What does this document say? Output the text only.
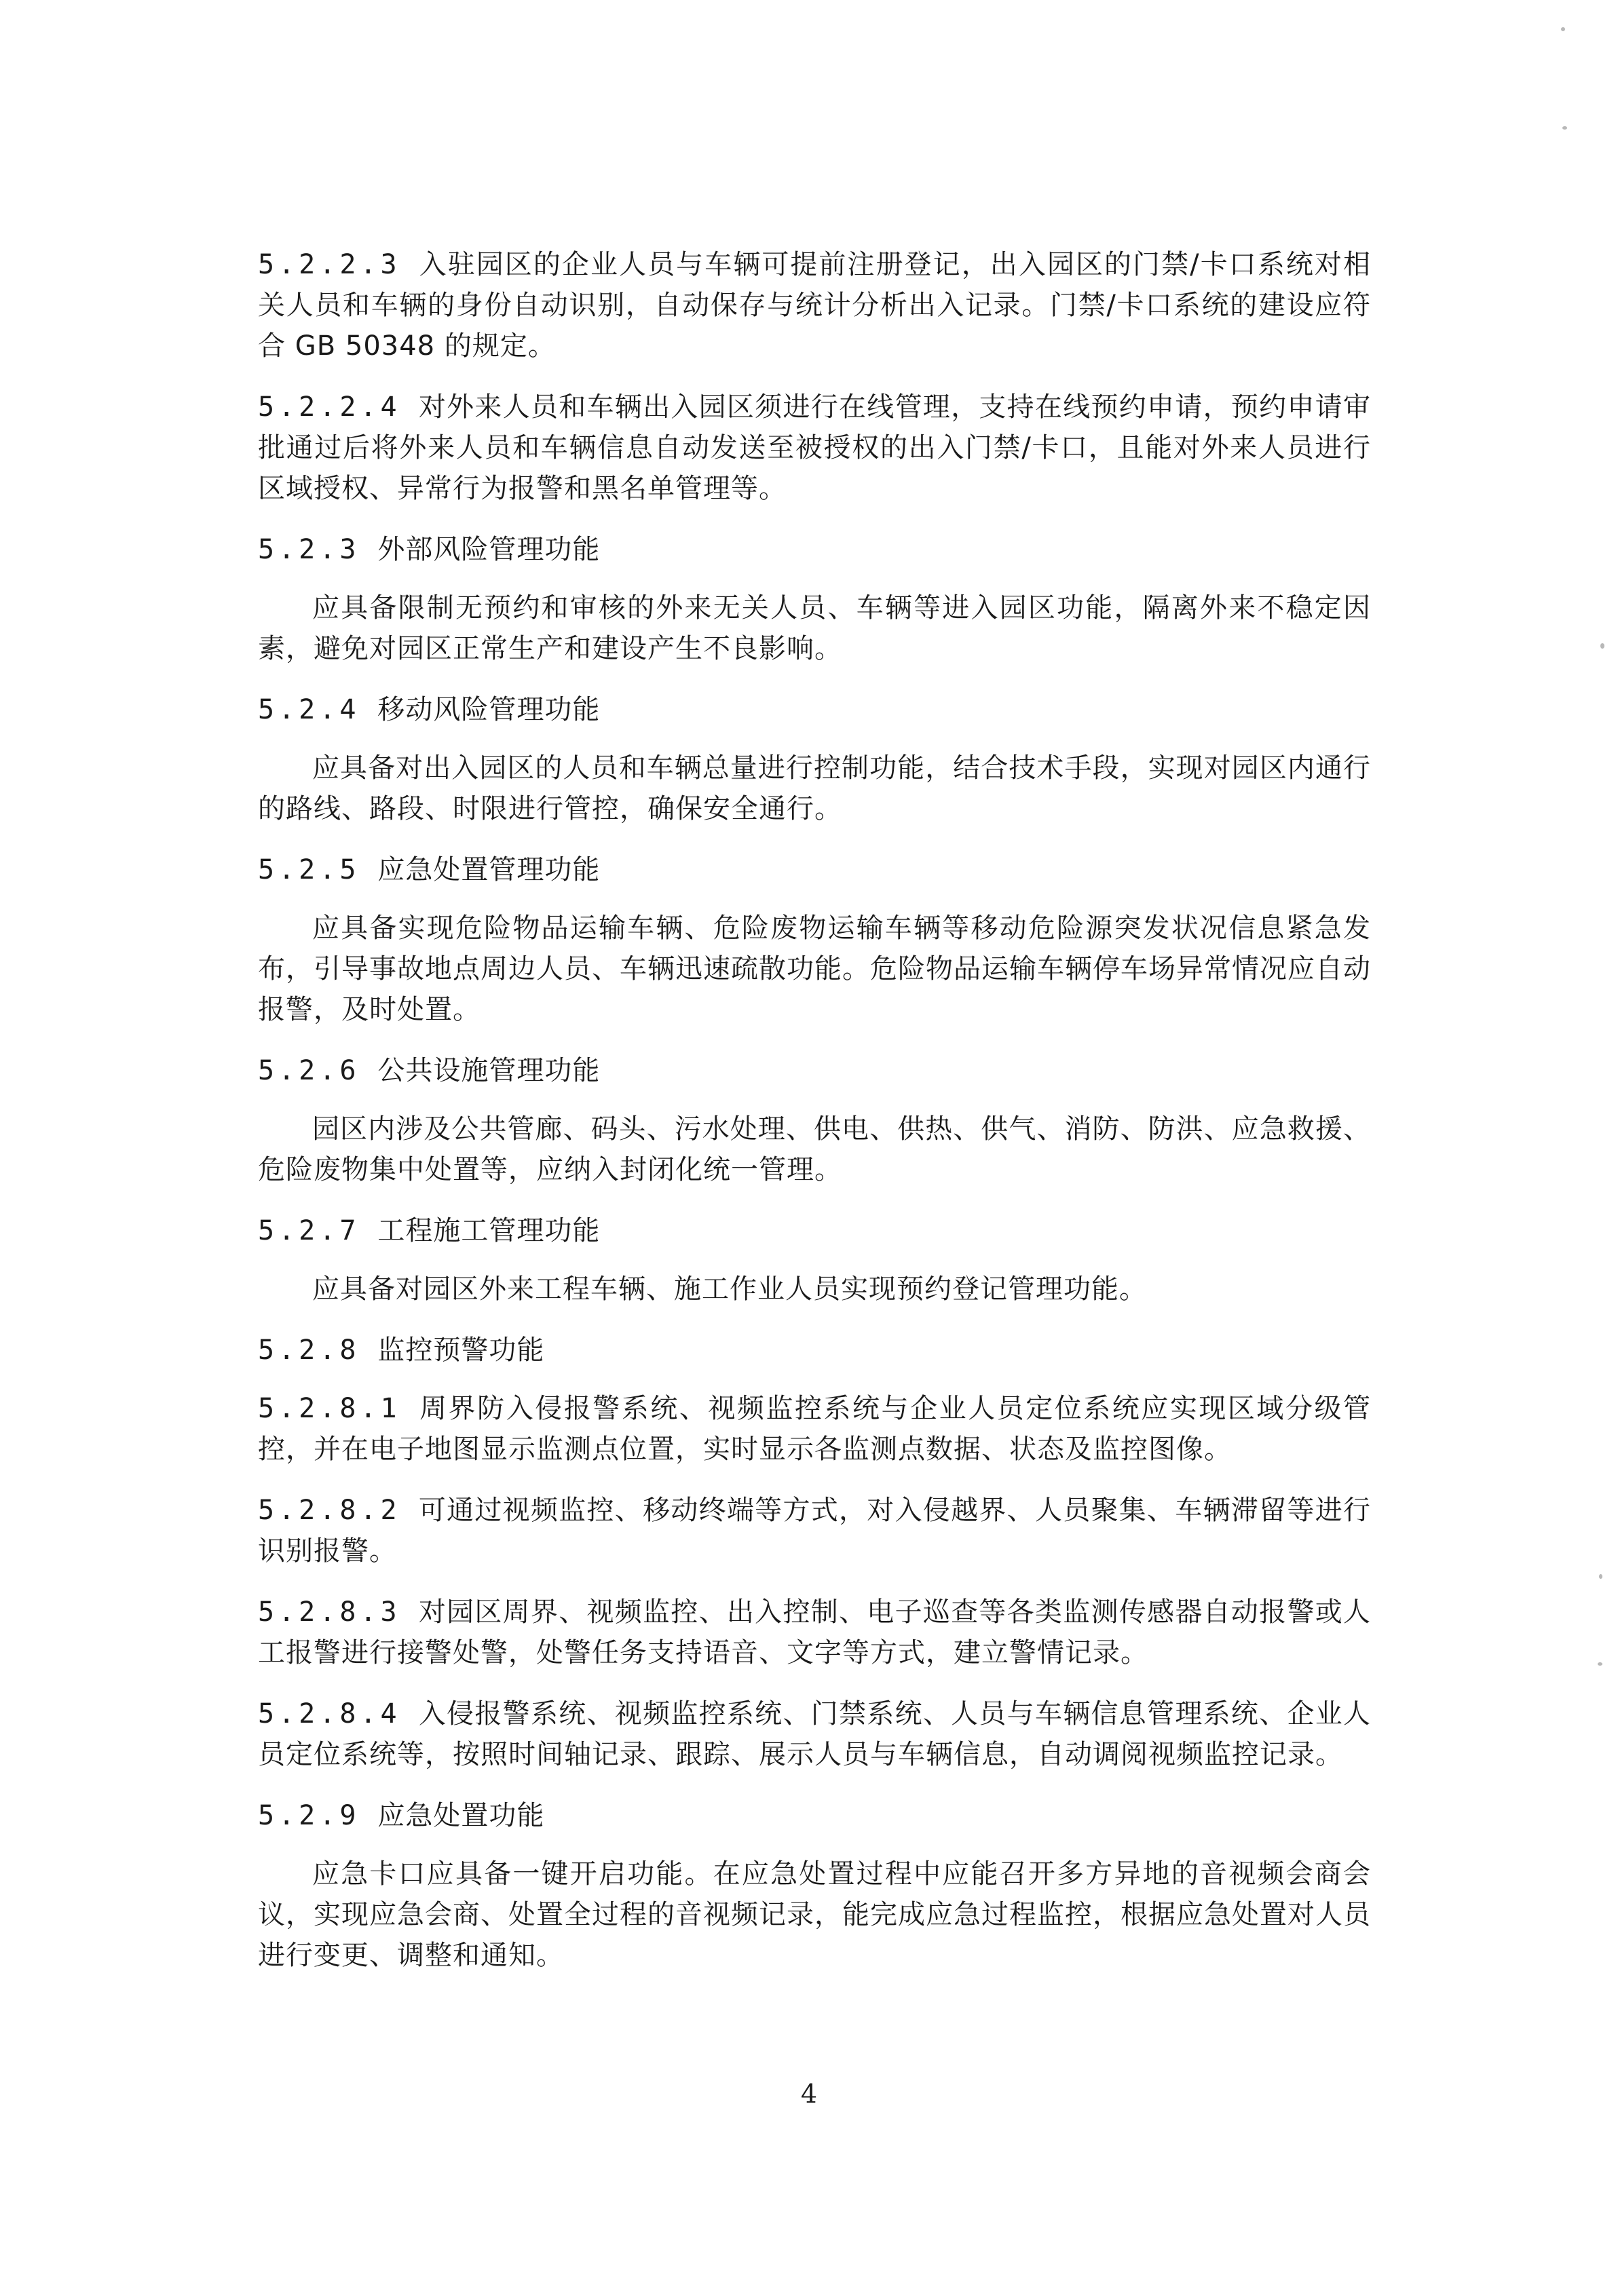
5.2.2.3 入驻园区的企业人员与车辆可提前注册登记，出入园区的门禁/卡口系统对相关人员和车辆的身份自动识别，自动保存与统计分析出入记录。门禁/卡口系统的建设应符合 GB 50348 的规定。

5.2.2.4 对外来人员和车辆出入园区须进行在线管理，支持在线预约申请，预约申请审批通过后将外来人员和车辆信息自动发送至被授权的出入门禁/卡口，且能对外来人员进行区域授权、异常行为报警和黑名单管理等。

5.2.3 外部风险管理功能

应具备限制无预约和审核的外来无关人员、车辆等进入园区功能，隔离外来不稳定因素，避免对园区正常生产和建设产生不良影响。

5.2.4 移动风险管理功能

应具备对出入园区的人员和车辆总量进行控制功能，结合技术手段，实现对园区内通行的路线、路段、时限进行管控，确保安全通行。

5.2.5 应急处置管理功能

应具备实现危险物品运输车辆、危险废物运输车辆等移动危险源突发状况信息紧急发布，引导事故地点周边人员、车辆迅速疏散功能。危险物品运输车辆停车场异常情况应自动报警，及时处置。

5.2.6 公共设施管理功能

园区内涉及公共管廊、码头、污水处理、供电、供热、供气、消防、防洪、应急救援、危险废物集中处置等，应纳入封闭化统一管理。

5.2.7 工程施工管理功能

应具备对园区外来工程车辆、施工作业人员实现预约登记管理功能。

5.2.8 监控预警功能

5.2.8.1 周界防入侵报警系统、视频监控系统与企业人员定位系统应实现区域分级管控，并在电子地图显示监测点位置，实时显示各监测点数据、状态及监控图像。

5.2.8.2 可通过视频监控、移动终端等方式，对入侵越界、人员聚集、车辆滞留等进行识别报警。

5.2.8.3 对园区周界、视频监控、出入控制、电子巡查等各类监测传感器自动报警或人工报警进行接警处警，处警任务支持语音、文字等方式，建立警情记录。

5.2.8.4 入侵报警系统、视频监控系统、门禁系统、人员与车辆信息管理系统、企业人员定位系统等，按照时间轴记录、跟踪、展示人员与车辆信息，自动调阅视频监控记录。

5.2.9 应急处置功能

应急卡口应具备一键开启功能。在应急处置过程中应能召开多方异地的音视频会商会议，实现应急会商、处置全过程的音视频记录，能完成应急过程监控，根据应急处置对人员进行变更、调整和通知。

4
